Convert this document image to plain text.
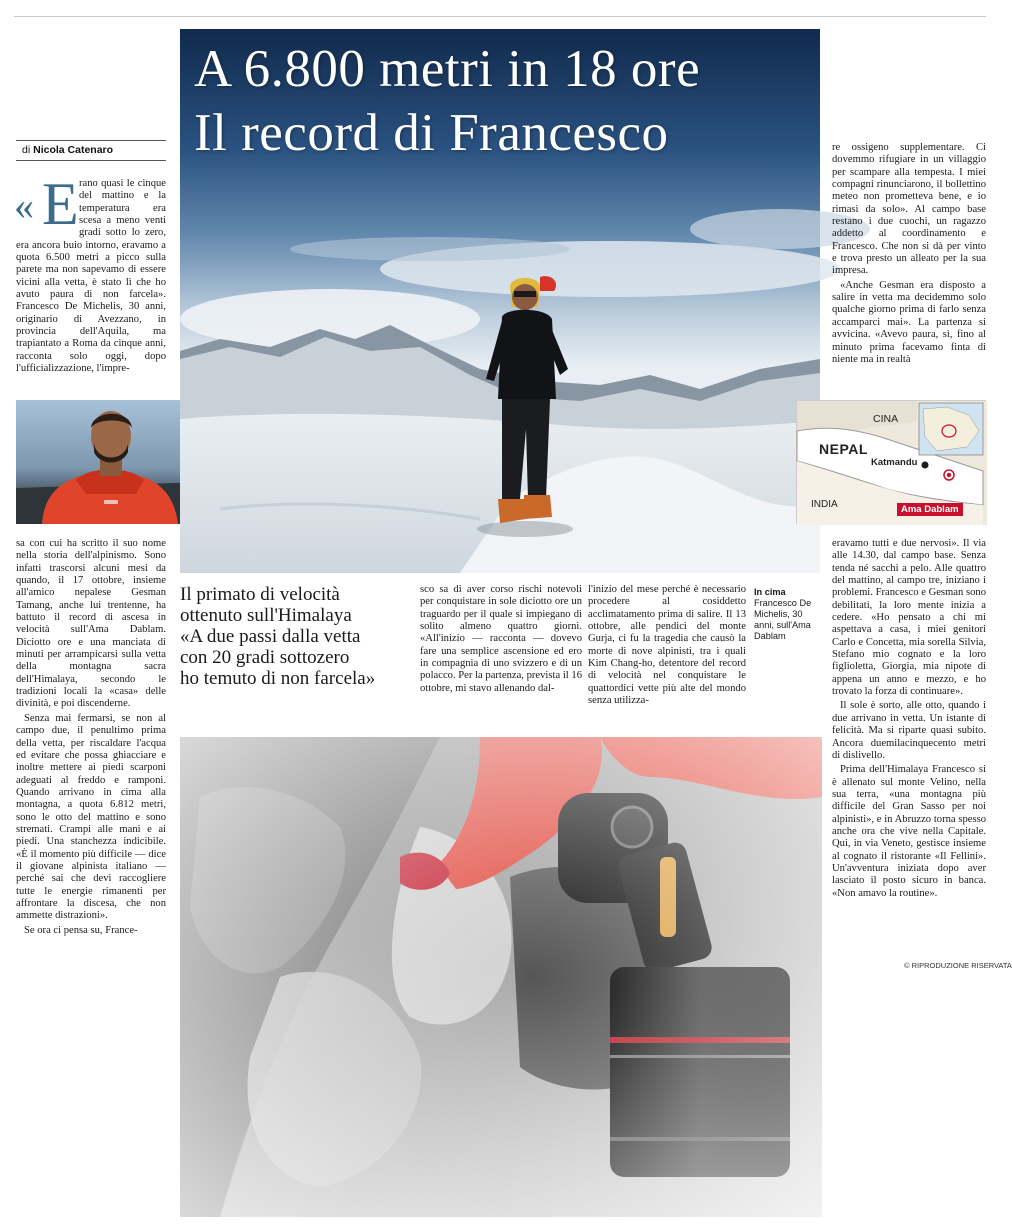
di Nicola Catenaro
« E rano quasi le cinque del mattino e la temperatura era scesa a meno venti gradi sotto lo zero, era ancora buio intorno, eravamo a quota 6.500 metri a picco sulla parete ma non sapevamo di essere vicini alla vetta, è stato lì che ho avuto paura di non farcela». Francesco De Michelis, 30 anni, originario di Avezzano, in provincia dell'Aquila, ma trapiantato a Roma da cinque anni, racconta solo oggi, dopo l'ufficializzazione, l'impre-
A 6.800 metri in 18 ore
Il record di Francesco
CINA
NEPAL
Katmandu
INDIA	Ama Dablam

sa con cui ha scritto il suo nome nella storia dell'alpinismo. Sono infatti trascorsi alcuni mesi da quando, il 17 ottobre, insieme all'amico nepalese Gesman Tamang, anche lui trentenne, ha battuto il record di ascesa in velocità sull'Ama Dablam. Diciotto ore e una manciata di minuti per arrampicarsi sulla vetta della montagna sacra dell'Himalaya, secondo le tradizioni locali la «casa» delle divinità, e poi discenderne.

Senza mai fermarsi, se non al campo due, il penultimo prima della vetta, per riscaldare l'acqua ed evitare che possa ghiacciare e inoltre mettere ai piedi scarponi adeguati al freddo e ramponi. Quando arrivano in cima alla montagna, a quota 6.812 metri, sono le otto del mattino e sono stremati. Crampi alle mani e ai piedi. Una stanchezza indicibile. «È il momento più difficile — dice il giovane alpinista italiano — perché sai che devi raccogliere tutte le energie rimanenti per affrontare la discesa, che non ammette distrazioni».

Se ora ci pensa su, France-

Il primato di velocità
ottenuto sull'Himalaya
«A due passi dalla vetta
con 20 gradi sottozero
ho temuto di non farcela»

sco sa di aver corso rischi notevoli per conquistare in sole diciotto ore un traguardo per il quale si impiegano di solito almeno quattro giorni. «All'inizio — racconta — dovevo fare una semplice ascensione ed ero in compagnia di uno svizzero e di un polacco. Per la partenza, prevista il 16 ottobre, mi stavo allenando dal-

l'inizio del mese perché è necessario procedere al cosiddetto acclimatamento prima di salire. Il 13 ottobre, alle pendici del monte Gurja, ci fu la tragedia che causò la morte di nove alpinisti, tra i quali Kim Chang-ho, detentore del record di velocità nel conquistare le quattordici vette più alte del mondo senza utilizza-

In cima
Francesco De Michelis, 30 anni, sull'Ama Dablam

re ossigeno supplementare. Ci dovemmo rifugiare in un villaggio per scampare alla tempesta. I miei compagni rinunciarono, il bollettino meteo non prometteva bene, e io rimasi da solo». Al campo base restano i due cuochi, un ragazzo addetto al coordinamento e Francesco. Che non si dà per vinto e trova presto un alleato per la sua impresa.

«Anche Gesman era disposto a salire in vetta ma decidemmo solo qualche giorno prima di farlo senza accamparci mai». La partenza si avvicina. «Avevo paura, sì, fino al minuto prima facevamo finta di niente ma in realtà

eravamo tutti e due nervosi». Il via alle 14.30, dal campo base. Senza tenda né sacchi a pelo. Alle quattro del mattino, al campo tre, iniziano i problemi. Francesco e Gesman sono debilitati, la loro mente inizia a cedere. «Ho pensato a chi mi aspettava a casa, i miei genitori Carlo e Concetta, mia sorella Silvia, Stefano mio cognato e la loro figlioletta, Giorgia, mia nipote di appena un anno e mezzo, e ho trovato la forza di continuare».

Il sole è sorto, alle otto, quando i due arrivano in vetta. Un istante di felicità. Ma si riparte quasi subito. Ancora duemilacinquecento metri di dislivello.

Prima dell'Himalaya Francesco si è allenato sul monte Velino, nella sua terra, «una montagna più difficile del Gran Sasso per noi alpinisti», e in Abruzzo torna spesso anche ora che vive nella Capitale. Qui, in via Veneto, gestisce insieme al cognato il ristorante «Il Fellini». Un'avventura iniziata dopo aver lasciato il posto sicuro in banca. «Non amavo la routine».

© RIPRODUZIONE RISERVATA
